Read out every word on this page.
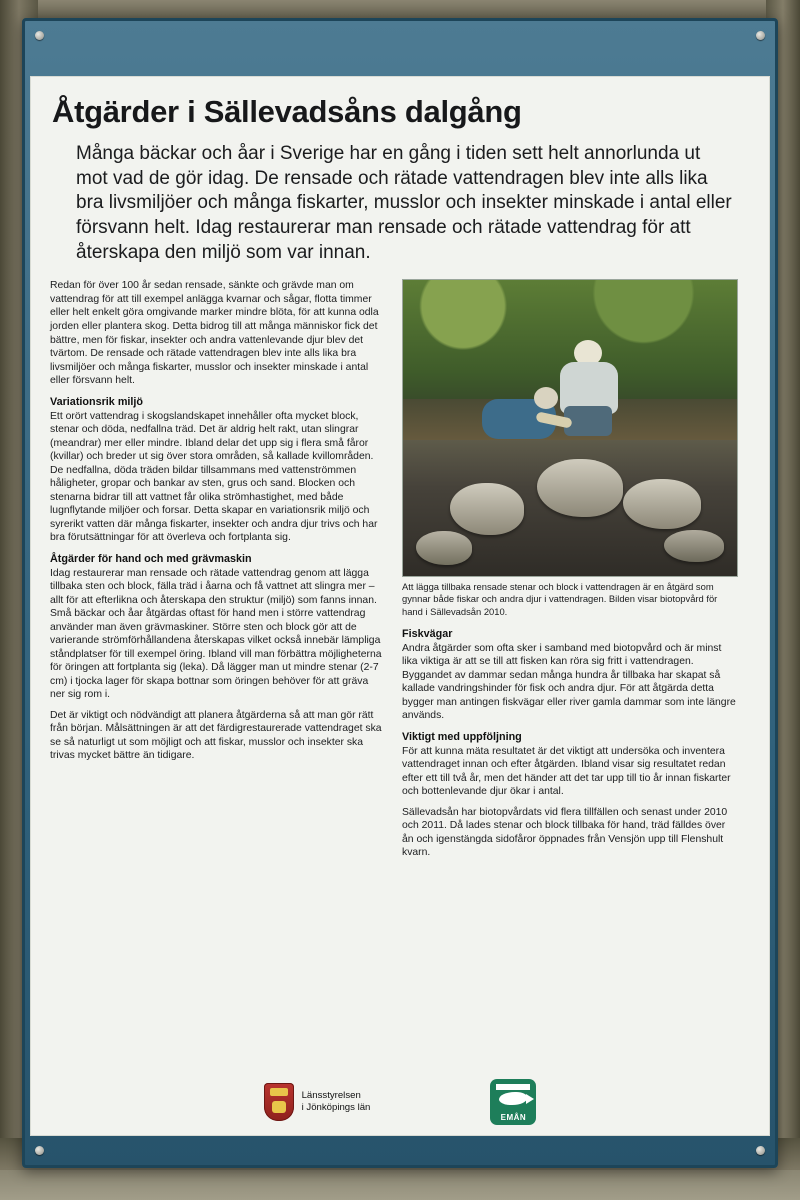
Åtgärder i Sällevadsåns dalgång

Många bäckar och åar i Sverige har en gång i tiden sett helt annorlunda ut mot vad de gör idag. De rensade och rätade vattendragen blev inte alls lika bra livsmiljöer och många fiskarter, musslor och insekter minskade i antal eller försvann helt. Idag restaurerar man rensade och rätade vattendrag för att återskapa den miljö som var innan.

Redan för över 100 år sedan rensade, sänkte och grävde man om vattendrag för att till exempel anlägga kvarnar och sågar, flotta timmer eller helt enkelt göra omgivande marker mindre blöta, för att kunna odla jorden eller plantera skog. Detta bidrog till att många människor fick det bättre, men för fiskar, insekter och andra vattenlevande djur blev det tvärtom. De rensade och rätade vattendragen blev inte alls lika bra livsmiljöer och många fiskarter, musslor och insekter minskade i antal eller försvann helt.

Variationsrik miljö

Ett orört vattendrag i skogslandskapet innehåller ofta mycket block, stenar och döda, nedfallna träd. Det är aldrig helt rakt, utan slingrar (meandrar) mer eller mindre. Ibland delar det upp sig i flera små fåror (kvillar) och breder ut sig över stora områden, så kallade kvillområden. De nedfallna, döda träden bildar tillsammans med vattenströmmen håligheter, gropar och bankar av sten, grus och sand. Blocken och stenarna bidrar till att vattnet får olika strömhastighet, med både lugnflytande miljöer och forsar. Detta skapar en variationsrik miljö och syrerikt vatten där många fiskarter, insekter och andra djur trivs och har bra förutsättningar för att överleva och fortplanta sig.

Åtgärder för hand och med grävmaskin

Idag restaurerar man rensade och rätade vattendrag genom att lägga tillbaka sten och block, fälla träd i åarna och få vattnet att slingra mer – allt för att efterlikna och återskapa den struktur (miljö) som fanns innan. Små bäckar och åar åtgärdas oftast för hand men i större vattendrag använder man även grävmaskiner. Större sten och block gör att de varierande strömförhållandena återskapas vilket också innebär lämpliga ståndplatser för till exempel öring. Ibland vill man förbättra möjligheterna för öringen att fortplanta sig (leka). Då lägger man ut mindre stenar (2-7 cm) i tjocka lager för skapa bottnar som öringen behöver för att gräva ner sig rom i.

Det är viktigt och nödvändigt att planera åtgärderna så att man gör rätt från början. Målsättningen är att det färdigrestaurerade vattendraget ska se så naturligt ut som möjligt och att fiskar, musslor och insekter ska trivas mycket bättre än tidigare.

Att lägga tillbaka rensade stenar och block i vattendragen är en åtgärd som gynnar både fiskar och andra djur i vattendragen. Bilden visar biotopvård för hand i Sällevadsån 2010.
Fiskvägar

Andra åtgärder som ofta sker i samband med biotopvård och är minst lika viktiga är att se till att fisken kan röra sig fritt i vattendragen. Byggandet av dammar sedan många hundra år tillbaka har skapat så kallade vandringshinder för fisk och andra djur. För att åtgärda detta bygger man antingen fiskvägar eller river gamla dammar som inte längre används.

Viktigt med uppföljning

För att kunna mäta resultatet är det viktigt att undersöka och inventera vattendraget innan och efter åtgärden. Ibland visar sig resultatet redan efter ett till två år, men det händer att det tar upp till tio år innan fiskarter och bottenlevande djur ökar i antal.

Sällevadsån har biotopvårdats vid flera tillfällen och senast under 2010 och 2011. Då lades stenar och block tillbaka för hand, träd fälldes över ån och igenstängda sidofåror öppnades från Vensjön upp till Flenshult kvarn.

Länsstyrelsen
i Jönköpings län
EMÅN
